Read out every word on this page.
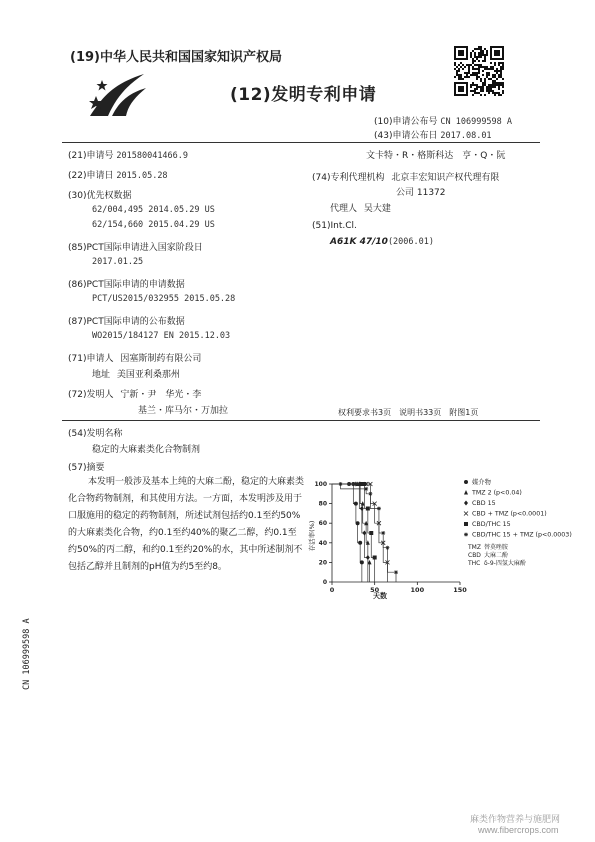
(19)中华人民共和国国家知识产权局
(12)发明专利申请
(10)申请公布号 CN 106999598 A
(43)申请公布日 2017.08.01
(21)申请号 201580041466.9
(22)申请日 2015.05.28
(30)优先权数据
62/004,495 2014.05.29 US
62/154,660 2015.04.29 US
(85)PCT国际申请进入国家阶段日
2017.01.25
(86)PCT国际申请的申请数据
PCT/US2015/032955 2015.05.28
(87)PCT国际申请的公布数据
WO2015/184127 EN 2015.12.03
(71)申请人 因塞斯制药有限公司
地址 美国亚利桑那州
(72)发明人 宁新・尹　华光・李
基兰・库马尔・万加拉
文卡特・R・格斯科达　亨・Q・阮
(74)专利代理机构 北京丰宏知识产权代理有限
公司 11372
代理人 吴大建
(51)Int.Cl.
A61K 47/10(2006.01)
权利要求书3页　说明书33页　附图1页
(54)发明名称
稳定的大麻素类化合物制剂
(57)摘要
本发明一般涉及基本上纯的大麻二酚，稳定的大麻素类化合物药物制剂，和其使用方法。一方面，本发明涉及用于口服施用的稳定的药物制剂，所述试剂包括约0.1至约50%的大麻素类化合物，约0.1至约40%的聚乙二醇，约0.1至约50%的丙二醇，和约0.1至约20%的水，其中所述制剂不包括乙醇并且制剂的pH值为约5至约8。
0	50	100	150
0
20
40
60
80
100
存活率(%)
天数
媒介物
TMZ 2 (p<0.04)
CBD 15
CBD + TMZ (p<0.0001)
CBD/THC 15
CBD/THC 15 + TMZ (p<0.0003)
TMZ 替莫唑胺
CBD 大麻二酚
THC δ-9-四氢大麻酚
CN 106999598 A
麻类作物营养与施肥网
www.fibercrops.com
